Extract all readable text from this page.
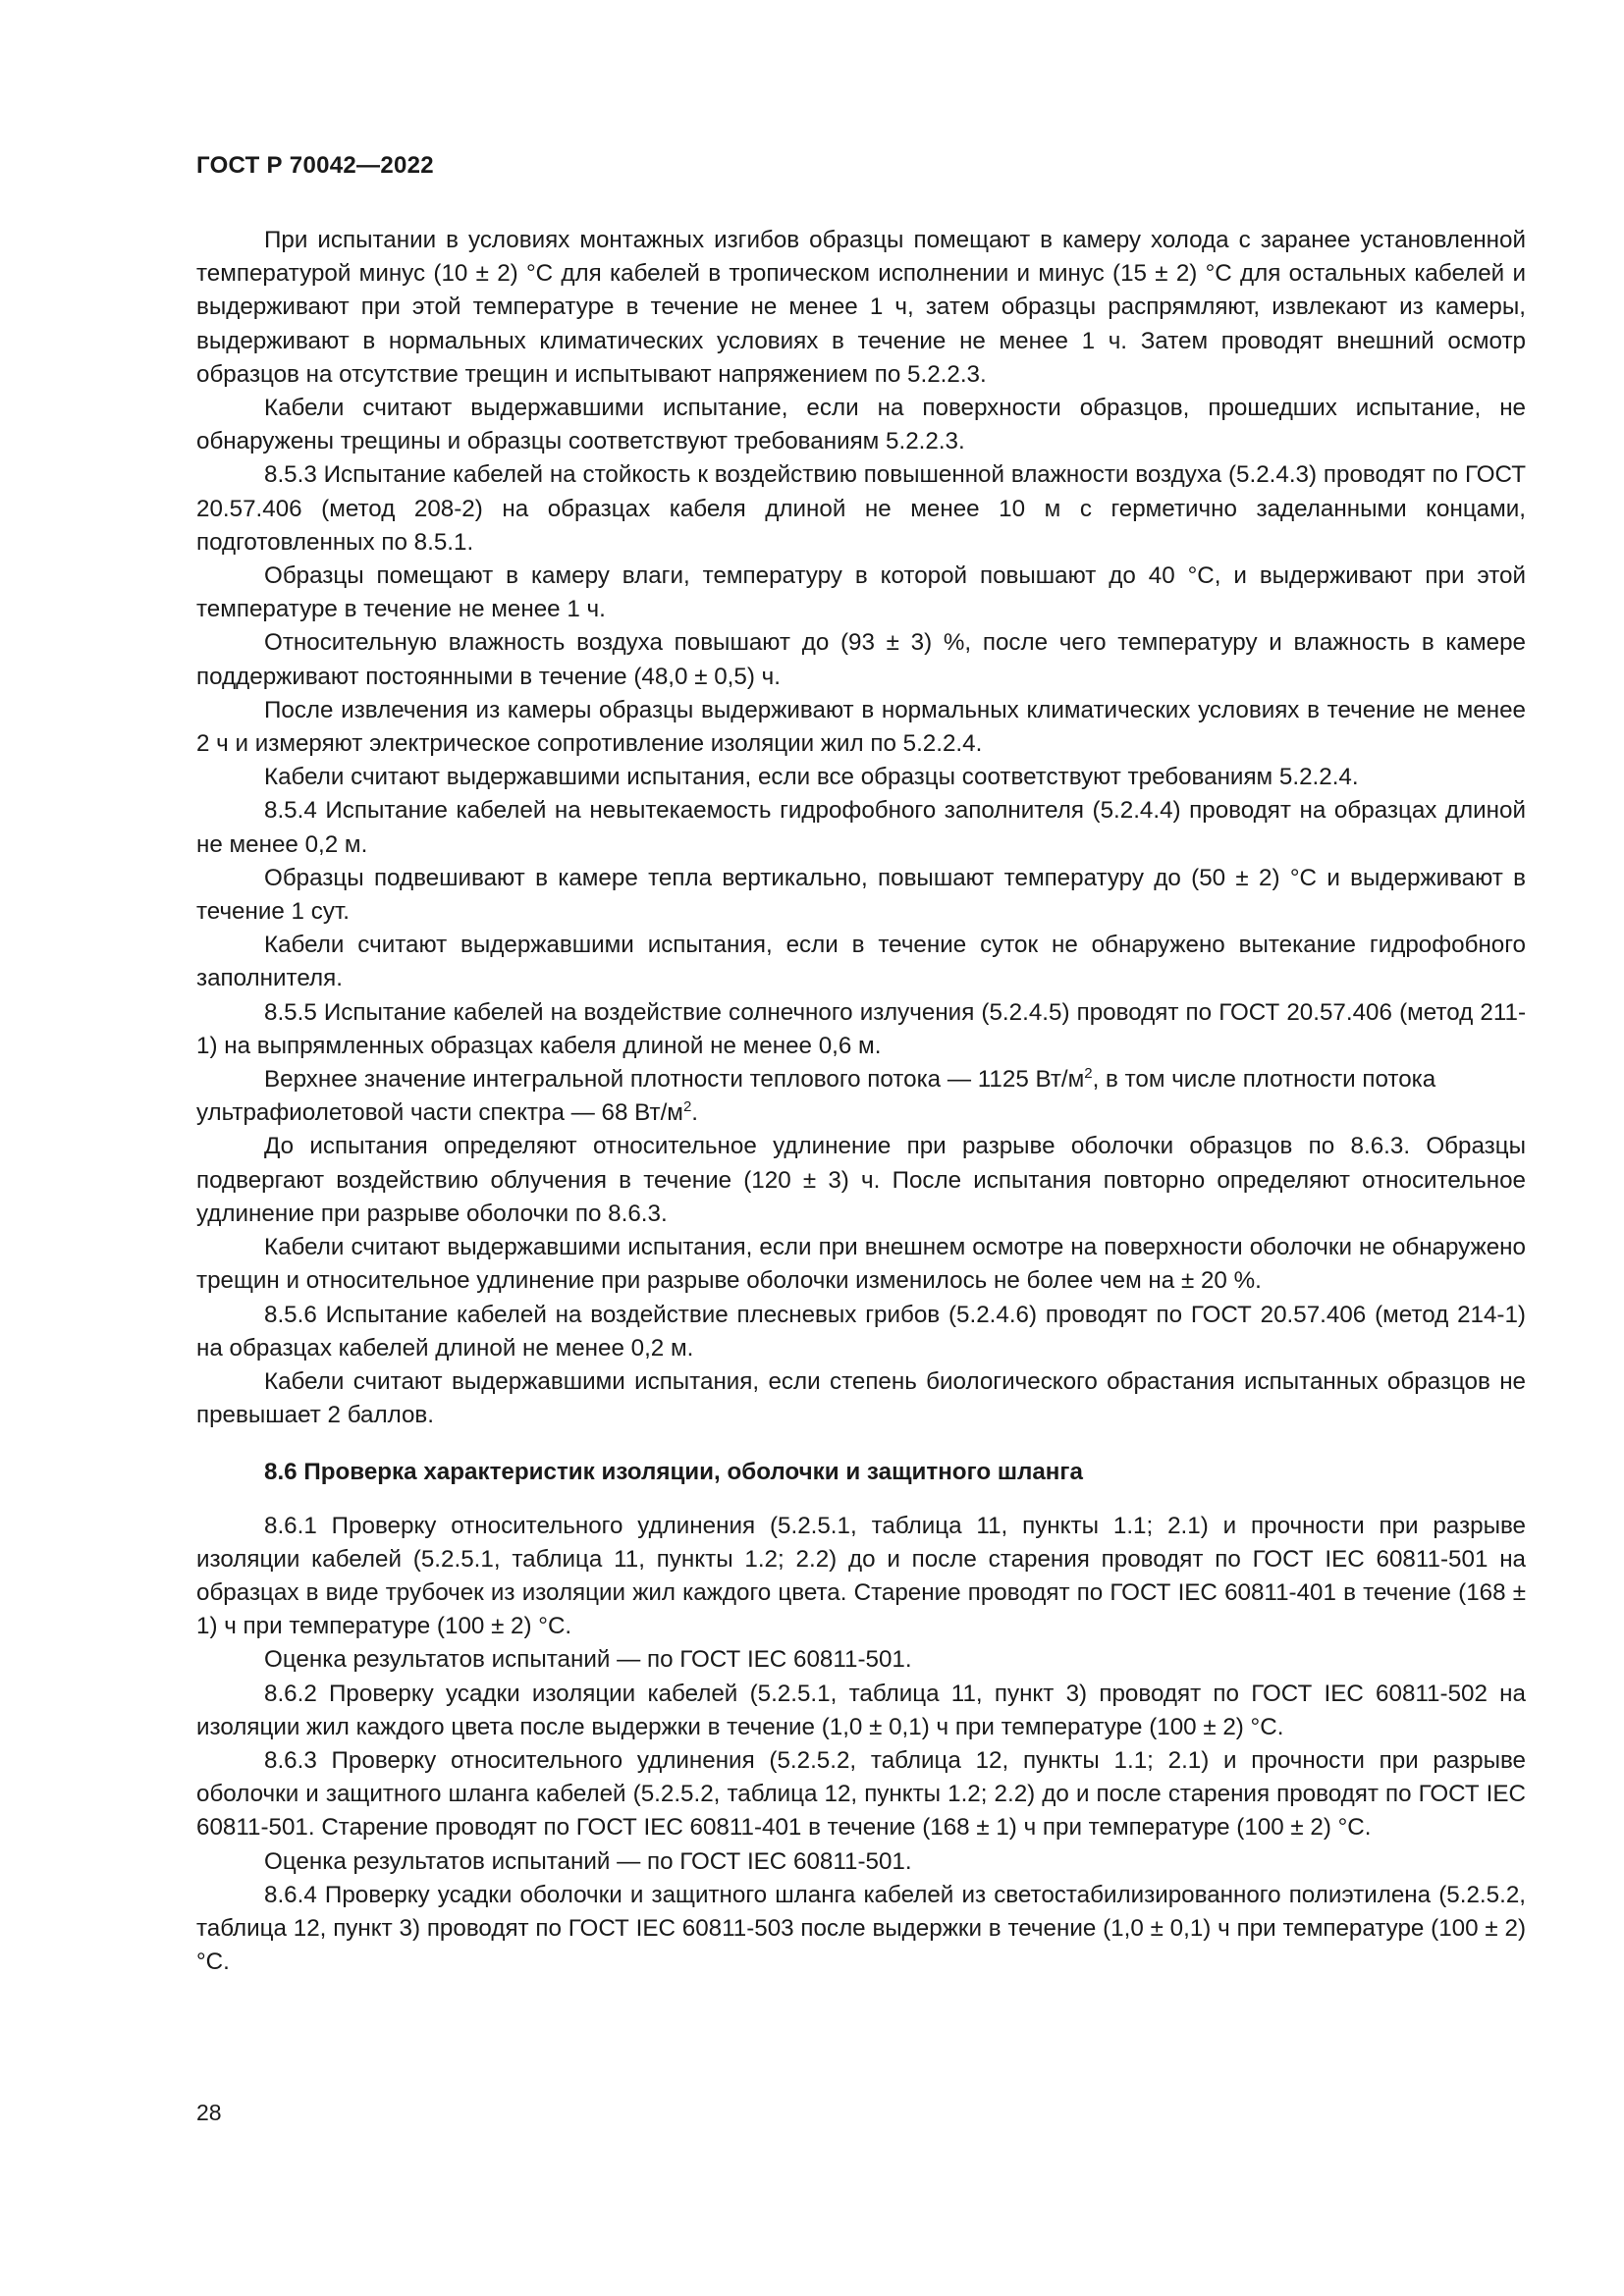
ГОСТ Р 70042—2022

При испытании в условиях монтажных изгибов образцы помещают в камеру холода с заранее установленной температурой минус (10 ± 2) °С для кабелей в тропическом исполнении и минус (15 ± 2) °С для остальных кабелей и выдерживают при этой температуре в течение не менее 1 ч, затем образцы распрямляют, извлекают из камеры, выдерживают в нормальных климатических условиях в течение не менее 1 ч. Затем проводят внешний осмотр образцов на отсутствие трещин и испытывают напряжением по 5.2.2.3.

Кабели считают выдержавшими испытание, если на поверхности образцов, прошедших испытание, не обнаружены трещины и образцы соответствуют требованиям 5.2.2.3.

8.5.3 Испытание кабелей на стойкость к воздействию повышенной влажности воздуха (5.2.4.3) проводят по ГОСТ 20.57.406 (метод 208-2) на образцах кабеля длиной не менее 10 м с герметично заделанными концами, подготовленных по 8.5.1.

Образцы помещают в камеру влаги, температуру в которой повышают до 40 °С, и выдерживают при этой температуре в течение не менее 1 ч.

Относительную влажность воздуха повышают до (93 ± 3) %, после чего температуру и влажность в камере поддерживают постоянными в течение (48,0 ± 0,5) ч.

После извлечения из камеры образцы выдерживают в нормальных климатических условиях в течение не менее 2 ч и измеряют электрическое сопротивление изоляции жил по 5.2.2.4.

Кабели считают выдержавшими испытания, если все образцы соответствуют требованиям 5.2.2.4.

8.5.4 Испытание кабелей на невытекаемость гидрофобного заполнителя (5.2.4.4) проводят на образцах длиной не менее 0,2 м.

Образцы подвешивают в камере тепла вертикально, повышают температуру до (50 ± 2) °С и выдерживают в течение 1 сут.

Кабели считают выдержавшими испытания, если в течение суток не обнаружено вытекание гидрофобного заполнителя.

8.5.5 Испытание кабелей на воздействие солнечного излучения (5.2.4.5) проводят по ГОСТ 20.57.406 (метод 211-1) на выпрямленных образцах кабеля длиной не менее 0,6 м.

Верхнее значение интегральной плотности теплового потока — 1125 $Вт/м^2$, в том числе плотности потока ультрафиолетовой части спектра — 68 $Вт/м^2$.

До испытания определяют относительное удлинение при разрыве оболочки образцов по 8.6.3. Образцы подвергают воздействию облучения в течение (120 ± 3) ч. После испытания повторно определяют относительное удлинение при разрыве оболочки по 8.6.3.

Кабели считают выдержавшими испытания, если при внешнем осмотре на поверхности оболочки не обнаружено трещин и относительное удлинение при разрыве оболочки изменилось не более чем на ± 20 %.

8.5.6 Испытание кабелей на воздействие плесневых грибов (5.2.4.6) проводят по ГОСТ 20.57.406 (метод 214-1) на образцах кабелей длиной не менее 0,2 м.

Кабели считают выдержавшими испытания, если степень биологического обрастания испытанных образцов не превышает 2 баллов.

8.6 Проверка характеристик изоляции, оболочки и защитного шланга

8.6.1 Проверку относительного удлинения (5.2.5.1, таблица 11, пункты 1.1; 2.1) и прочности при разрыве изоляции кабелей (5.2.5.1, таблица 11, пункты 1.2; 2.2) до и после старения проводят по ГОСТ IEC 60811-501 на образцах в виде трубочек из изоляции жил каждого цвета. Старение проводят по ГОСТ IEC 60811-401 в течение (168 ± 1) ч при температуре (100 ± 2) °С.

Оценка результатов испытаний — по ГОСТ IEC 60811-501.

8.6.2 Проверку усадки изоляции кабелей (5.2.5.1, таблица 11, пункт 3) проводят по ГОСТ IEC 60811-502 на изоляции жил каждого цвета после выдержки в течение (1,0 ± 0,1) ч при температуре (100 ± 2) °С.

8.6.3 Проверку относительного удлинения (5.2.5.2, таблица 12, пункты 1.1; 2.1) и прочности при разрыве оболочки и защитного шланга кабелей (5.2.5.2, таблица 12, пункты 1.2; 2.2) до и после старения проводят по ГОСТ IEC 60811-501. Старение проводят по ГОСТ IEC 60811-401 в течение (168 ± 1) ч при температуре (100 ± 2) °С.

Оценка результатов испытаний — по ГОСТ IEC 60811-501.

8.6.4 Проверку усадки оболочки и защитного шланга кабелей из светостабилизированного полиэтилена (5.2.5.2, таблица 12, пункт 3) проводят по ГОСТ IEC 60811-503 после выдержки в течение (1,0 ± 0,1) ч при температуре (100 ± 2) °С.

28
